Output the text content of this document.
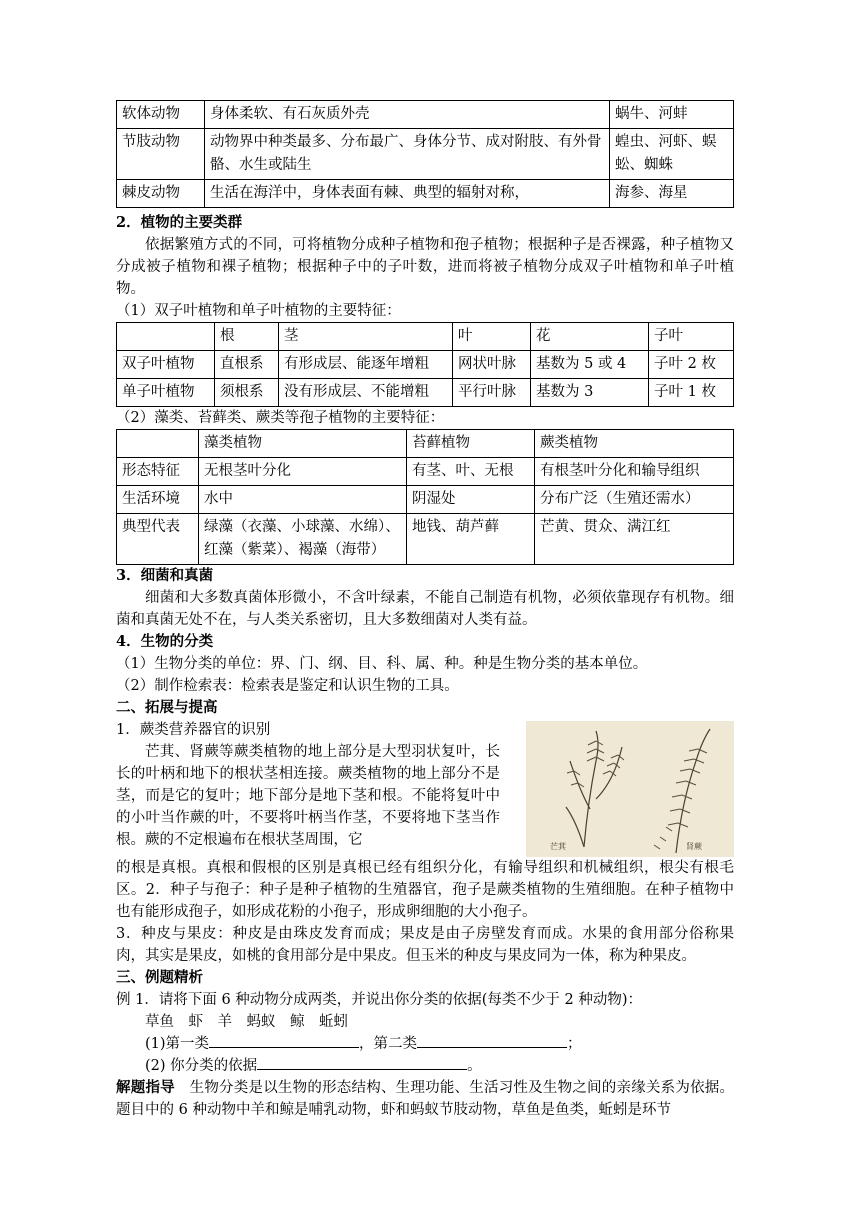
软体动物	身体柔软、有石灰质外壳	蜗牛、河蚌
节肢动物	动物界中种类最多、分布最广、身体分节、成对附肢、有外骨骼、水生或陆生	蝗虫、河虾、蜈蚣、蜘蛛
棘皮动物	生活在海洋中，身体表面有棘、典型的辐射对称，	海参、海星

2．植物的主要类群

依据繁殖方式的不同，可将植物分成种子植物和孢子植物；根据种子是否裸露，种子植物又分成被子植物和裸子植物；根据种子中的子叶数，进而将被子植物分成双子叶植物和单子叶植物。

（1）双子叶植物和单子叶植物的主要特征：

	根	茎	叶	花	子叶
双子叶植物	直根系	有形成层、能逐年增粗	网状叶脉	基数为 5 或 4	子叶 2 枚
单子叶植物	须根系	没有形成层、不能增粗	平行叶脉	基数为 3	子叶 1 枚

（2）藻类、苔藓类、蕨类等孢子植物的主要特征：

	藻类植物	苔藓植物	蕨类植物
形态特征	无根茎叶分化	有茎、叶、无根	有根茎叶分化和输导组织
生活环境	水中	阴湿处	分布广泛（生殖还需水）
典型代表	绿藻（衣藻、小球藻、水绵）、红藻（紫菜）、褐藻（海带）	地钱、葫芦藓	芒黄、贯众、满江红

3．细菌和真菌

细菌和大多数真菌体形微小，不含叶绿素，不能自己制造有机物，必须依靠现存有机物。细菌和真菌无处不在，与人类关系密切，且大多数细菌对人类有益。

4．生物的分类

（1）生物分类的单位：界、门、纲、目、科、属、种。种是生物分类的基本单位。

（2）制作检索表：检索表是鉴定和认识生物的工具。

二、拓展与提高

1．蕨类营养器官的识别

芒萁、肾蕨等蕨类植物的地上部分是大型羽状复叶，长长的叶柄和地下的根状茎相连接。蕨类植物的地上部分不是茎，而是它的复叶；地下部分是地下茎和根。不能将复叶中的小叶当作蕨的叶，不要将叶柄当作茎，不要将地下茎当作根。蕨的不定根遍布在根状茎周围，它	芒萁	肾蕨

的根是真根。真根和假根的区别是真根已经有组织分化，有输导组织和机械组织，根尖有根毛区。2．种子与孢子：种子是种子植物的生殖器官，孢子是蕨类植物的生殖细胞。在种子植物中也有能形成孢子，如形成花粉的小孢子，形成卵细胞的大小孢子。

3．种皮与果皮：种皮是由珠皮发育而成；果皮是由子房壁发育而成。水果的食用部分俗称果肉，其实是果皮，如桃的食用部分是中果皮。但玉米的种皮与果皮同为一体，称为种果皮。

三、例题精析

例 1．请将下面 6 种动物分成两类，并说出你分类的依据(每类不少于 2 种动物)：

草鱼　虾　羊　蚂蚁　鲸　蚯蚓

(1)第一类	，第二类	；

(2) 你分类的依据	。

解题指导　生物分类是以生物的形态结构、生理功能、生活习性及生物之间的亲缘关系为依据。题目中的 6 种动物中羊和鲸是哺乳动物，虾和蚂蚁节肢动物，草鱼是鱼类，蚯蚓是环节
